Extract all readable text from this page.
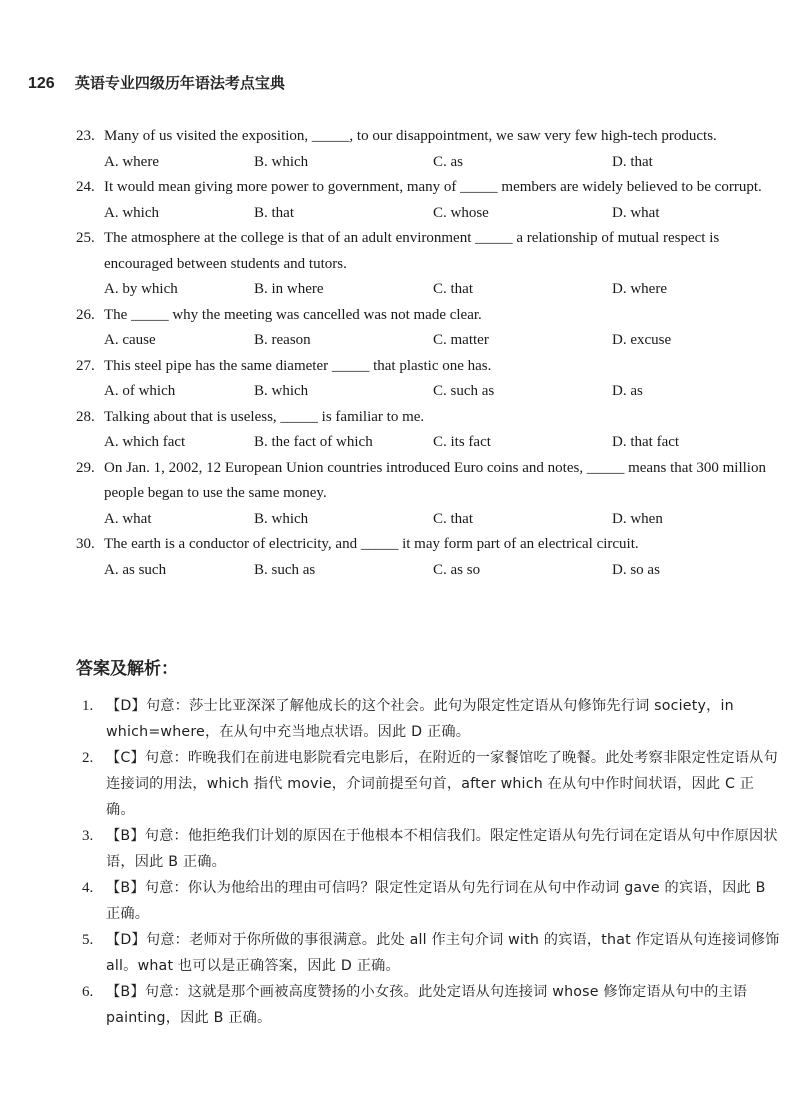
126 英语专业四级历年语法考点宝典
23. Many of us visited the exposition, _____, to our disappointment, we saw very few high-tech products.
A. where	B. which	C. as	D. that
24. It would mean giving more power to government, many of _____ members are widely believed to be corrupt.
A. which	B. that	C. whose	D. what
25. The atmosphere at the college is that of an adult environment _____ a relationship of mutual respect is encouraged between students and tutors.
A. by which	B. in where	C. that	D. where
26. The _____ why the meeting was cancelled was not made clear.
A. cause	B. reason	C. matter	D. excuse
27. This steel pipe has the same diameter _____ that plastic one has.
A. of which	B. which	C. such as	D. as
28. Talking about that is useless, _____ is familiar to me.
A. which fact	B. the fact of which	C. its fact	D. that fact
29. On Jan. 1, 2002, 12 European Union countries introduced Euro coins and notes, _____ means that 300 million people began to use the same money.
A. what	B. which	C. that	D. when
30. The earth is a conductor of electricity, and _____ it may form part of an electrical circuit.
A. as such	B. such as	C. as so	D. so as
答案及解析：
1. 【D】句意：莎士比亚深深了解他成长的这个社会。此句为限定性定语从句修饰先行词 society，in which=where，在从句中充当地点状语。因此 D 正确。
2. 【C】句意：昨晚我们在前进电影院看完电影后，在附近的一家餐馆吃了晚餐。此处考察非限定性定语从句连接词的用法，which 指代 movie，介词前提至句首，after which 在从句中作时间状语，因此 C 正确。
3. 【B】句意：他拒绝我们计划的原因在于他根本不相信我们。限定性定语从句先行词在定语从句中作原因状语，因此 B 正确。
4. 【B】句意：你认为他给出的理由可信吗？限定性定语从句先行词在从句中作动词 gave 的宾语，因此 B 正确。
5. 【D】句意：老师对于你所做的事很满意。此处 all 作主句介词 with 的宾语，that 作定语从句连接词修饰 all。what 也可以是正确答案，因此 D 正确。
6. 【B】句意：这就是那个画被高度赞扬的小女孩。此处定语从句连接词 whose 修饰定语从句中的主语 painting，因此 B 正确。
